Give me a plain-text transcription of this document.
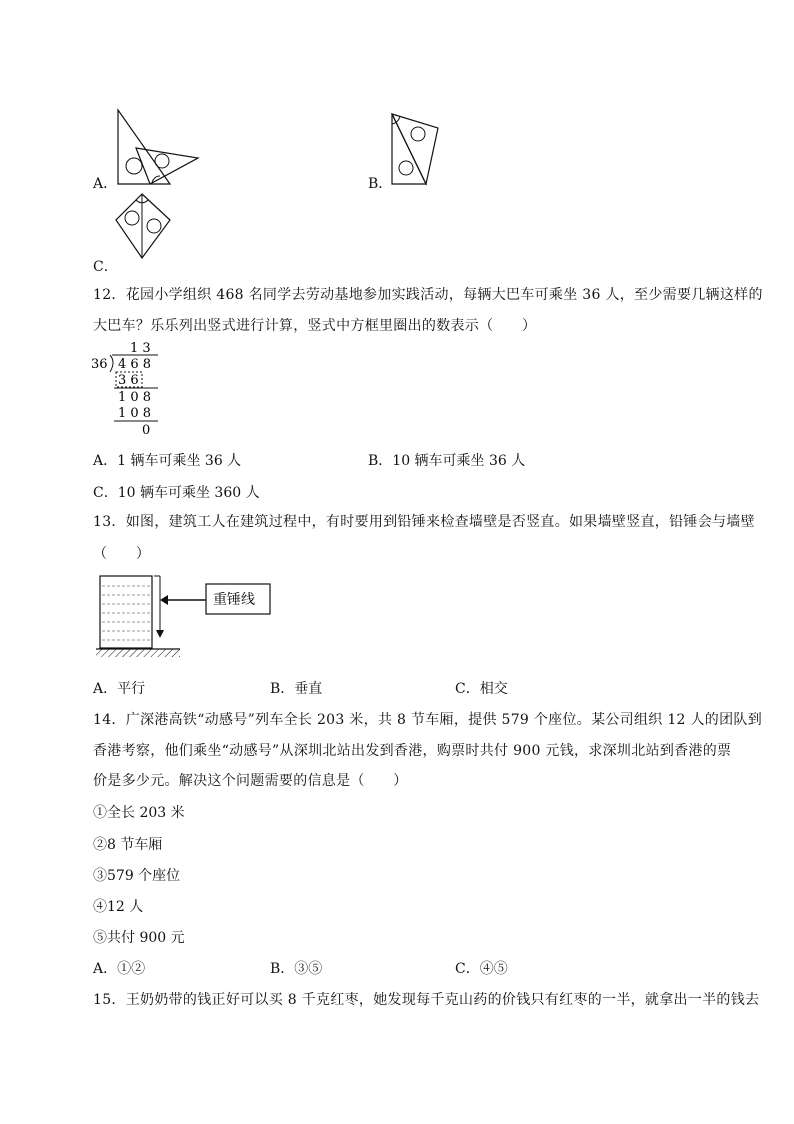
A．	B．
C．
12．花园小学组织 468 名同学去劳动基地参加实践活动，每辆大巴车可乘坐 36 人，至少需要几辆这样的
大巴车？乐乐列出竖式进行计算，竖式中方框里圈出的数表示（　　）
1 3
36 4 6 8
3 6
1 0 8
1 0 8
0
A．1 辆车可乘坐 36 人	B．10 辆车可乘坐 36 人
C．10 辆车可乘坐 360 人
13．如图，建筑工人在建筑过程中，有时要用到铅锤来检查墙壁是否竖直。如果墙壁竖直，铅锤会与墙壁
（　　）
重锤线
A．平行	B．垂直	C．相交
14．广深港高铁“动感号”列车全长 203 米，共 8 节车厢，提供 579 个座位。某公司组织 12 人的团队到
香港考察，他们乘坐“动感号”从深圳北站出发到香港，购票时共付 900 元钱，求深圳北站到香港的票
价是多少元。解决这个问题需要的信息是（　　）
①全长 203 米
②8 节车厢
③579 个座位
④12 人
⑤共付 900 元
A．①②	B．③⑤	C．④⑤
15．王奶奶带的钱正好可以买 8 千克红枣，她发现每千克山药的价钱只有红枣的一半，就拿出一半的钱去
